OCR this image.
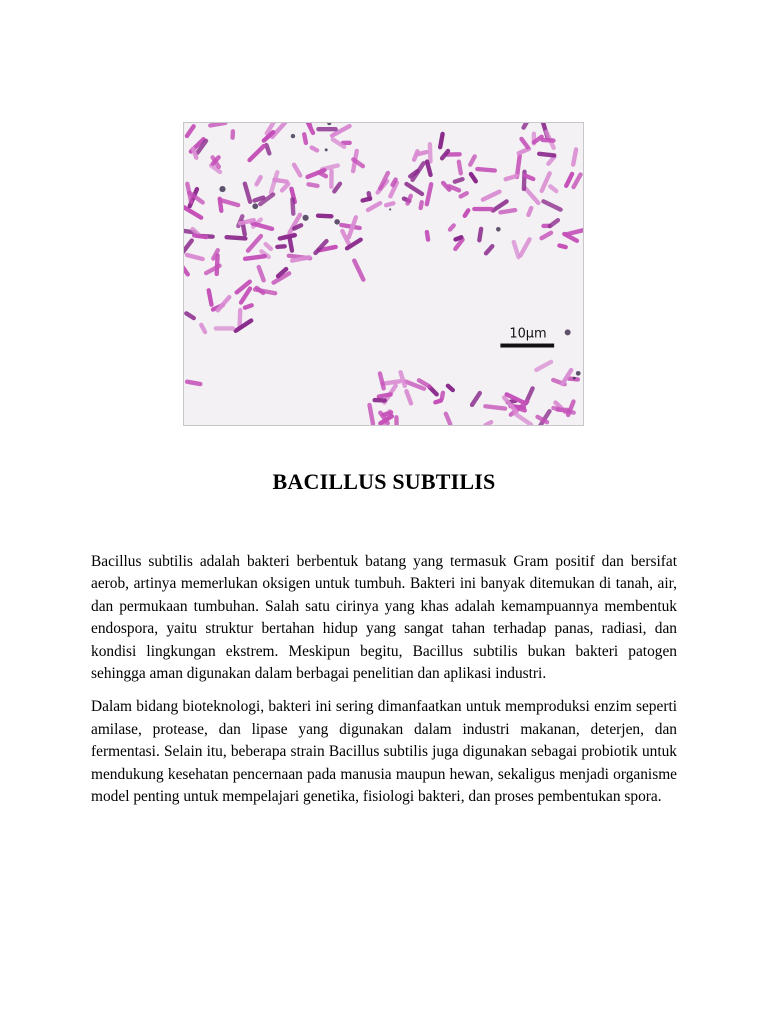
10μm
BACILLUS SUBTILIS

Bacillus subtilis adalah bakteri berbentuk batang yang termasuk Gram positif dan bersifat aerob, artinya memerlukan oksigen untuk tumbuh. Bakteri ini banyak ditemukan di tanah, air, dan permukaan tumbuhan. Salah satu cirinya yang khas adalah kemampuannya membentuk endospora, yaitu struktur bertahan hidup yang sangat tahan terhadap panas, radiasi, dan kondisi lingkungan ekstrem. Meskipun begitu, Bacillus subtilis bukan bakteri patogen sehingga aman digunakan dalam berbagai penelitian dan aplikasi industri.

Dalam bidang bioteknologi, bakteri ini sering dimanfaatkan untuk memproduksi enzim seperti amilase, protease, dan lipase yang digunakan dalam industri makanan, deterjen, dan fermentasi. Selain itu, beberapa strain Bacillus subtilis juga digunakan sebagai probiotik untuk mendukung kesehatan pencernaan pada manusia maupun hewan, sekaligus menjadi organisme model penting untuk mempelajari genetika, fisiologi bakteri, dan proses pembentukan spora.
